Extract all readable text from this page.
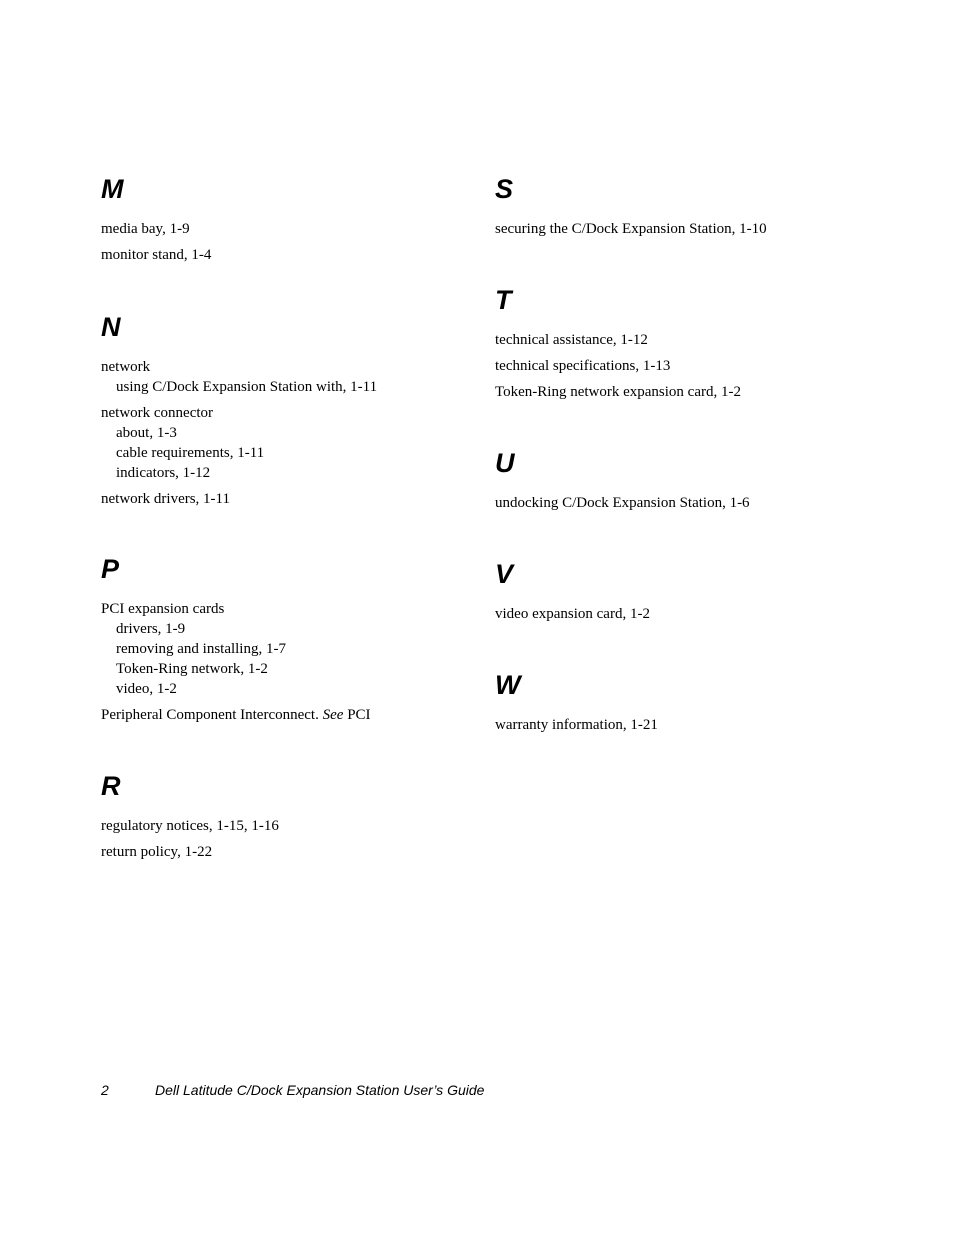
M
media bay, 1-9
monitor stand, 1-4
N
network
using C/Dock Expansion Station with, 1-11
network connector
about, 1-3
cable requirements, 1-11
indicators, 1-12
network drivers, 1-11
P
PCI expansion cards
drivers, 1-9
removing and installing, 1-7
Token-Ring network, 1-2
video, 1-2
Peripheral Component Interconnect. See PCI
R
regulatory notices, 1-15, 1-16
return policy, 1-22
S
securing the C/Dock Expansion Station, 1-10
T
technical assistance, 1-12
technical specifications, 1-13
Token-Ring network expansion card, 1-2
U
undocking C/Dock Expansion Station, 1-6
V
video expansion card, 1-2
W
warranty information, 1-21
2	Dell Latitude C/Dock Expansion Station User’s Guide
